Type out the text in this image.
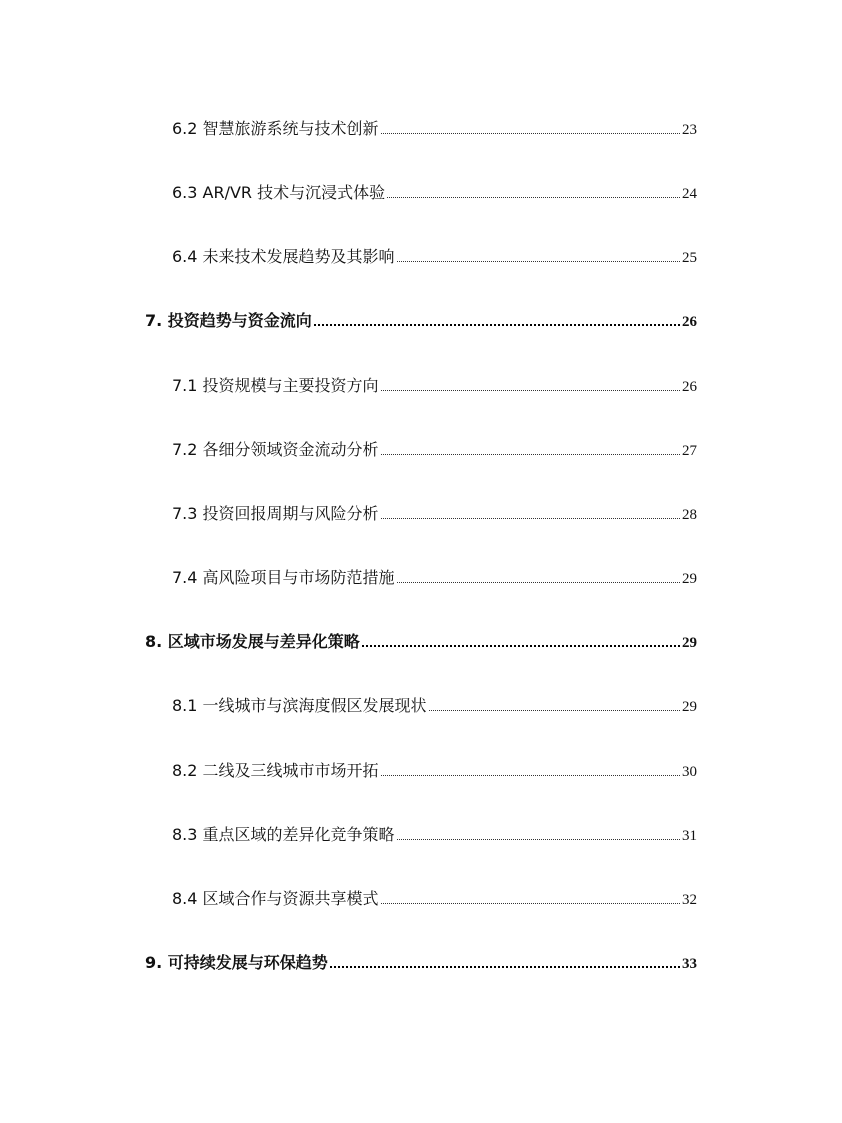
6.2 智慧旅游系统与技术创新	23
6.3 AR/VR 技术与沉浸式体验	24
6.4 未来技术发展趋势及其影响	25
7. 投资趋势与资金流向	26
7.1 投资规模与主要投资方向	26
7.2 各细分领域资金流动分析	27
7.3 投资回报周期与风险分析	28
7.4 高风险项目与市场防范措施	29
8. 区域市场发展与差异化策略	29
8.1 一线城市与滨海度假区发展现状	29
8.2 二线及三线城市市场开拓	30
8.3 重点区域的差异化竞争策略	31
8.4 区域合作与资源共享模式	32
9. 可持续发展与环保趋势	33
